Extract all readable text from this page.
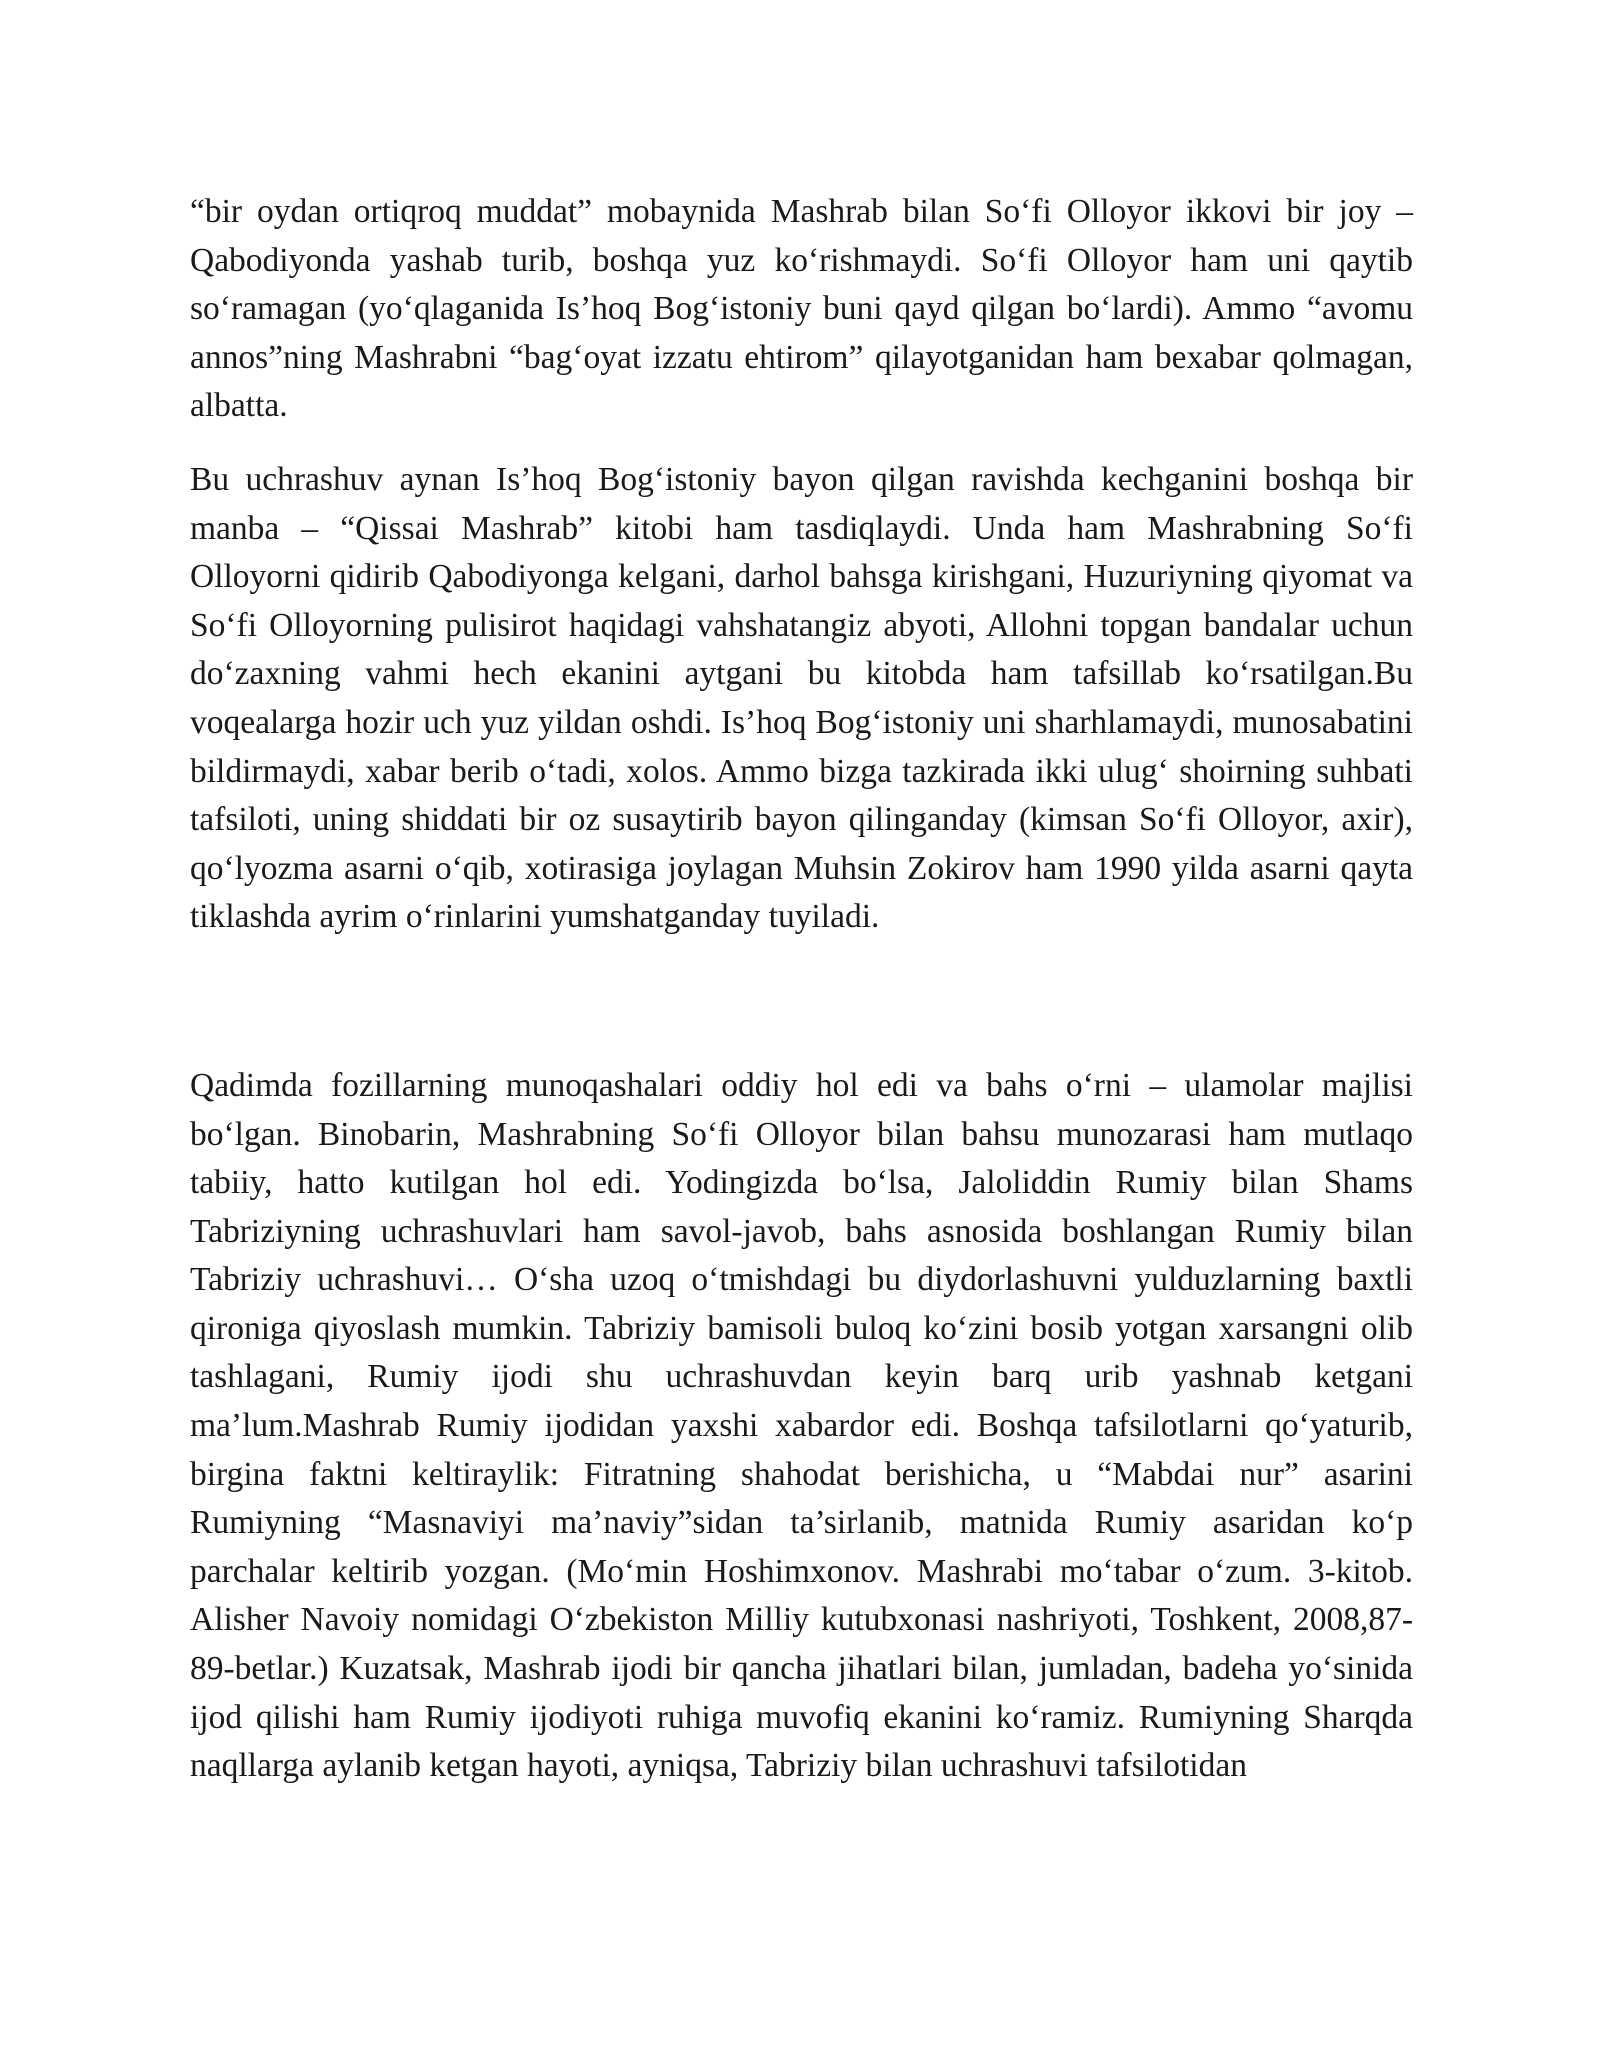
“bir oydan ortiqroq muddat” mobaynida Mashrab bilan So‘fi Olloyor ikkovi bir joy – Qabodiyonda yashab turib, boshqa yuz ko‘rishmaydi. So‘fi Olloyor ham uni qaytib so‘ramagan (yo‘qlaganida Is’hoq Bog‘istoniy buni qayd qilgan bo‘lardi). Ammo “avomu annos”ning Mashrabni “bag‘oyat izzatu ehtirom” qilayotganidan ham bexabar qolmagan, albatta.

Bu uchrashuv aynan Is’hoq Bog‘istoniy bayon qilgan ravishda kechganini boshqa bir manba – “Qissai Mashrab” kitobi ham tasdiqlaydi. Unda ham Mashrabning So‘fi Olloyorni qidirib Qabodiyonga kelgani, darhol bahsga kirishgani, Huzuriyning qiyomat va So‘fi Olloyorning pulisirot haqidagi vahshatangiz abyoti, Allohni topgan bandalar uchun do‘zaxning vahmi hech ekanini aytgani bu kitobda ham tafsillab ko‘rsatilgan.Bu voqealarga hozir uch yuz yildan oshdi. Is’hoq Bog‘istoniy uni sharhlamaydi, munosabatini bildirmaydi, xabar berib o‘tadi, xolos. Ammo bizga tazkirada ikki ulug‘ shoirning suhbati tafsiloti, uning shiddati bir oz susaytirib bayon qilinganday (kimsan So‘fi Olloyor, axir), qo‘lyozma asarni o‘qib, xotirasiga joylagan Muhsin Zokirov ham 1990 yilda asarni qayta tiklashda ayrim o‘rinlarini yumshatganday tuyiladi.

Qadimda fozillarning munoqashalari oddiy hol edi va bahs o‘rni – ulamolar majlisi bo‘lgan. Binobarin, Mashrabning So‘fi Olloyor bilan bahsu munozarasi ham mutlaqo tabiiy, hatto kutilgan hol edi. Yodingizda bo‘lsa, Jaloliddin Rumiy bilan Shams Tabriziyning uchrashuvlari ham savol-javob, bahs asnosida boshlangan Rumiy bilan Tabriziy uchrashuvi… O‘sha uzoq o‘tmishdagi bu diydorlashuvni yulduzlarning baxtli qironiga qiyoslash mumkin. Tabriziy bamisoli buloq ko‘zini bosib yotgan xarsangni olib tashlagani, Rumiy ijodi shu uchrashuvdan keyin barq urib yashnab ketgani ma’lum.Mashrab Rumiy ijodidan yaxshi xabardor edi. Boshqa tafsilotlarni qo‘yaturib, birgina faktni keltiraylik: Fitratning shahodat berishicha, u “Mabdai nur” asarini Rumiyning “Masnaviyi ma’naviy”sidan ta’sirlanib, matnida Rumiy asaridan ko‘p parchalar keltirib yozgan. (Mo‘min Hoshimxonov. Mashrabi mo‘tabar o‘zum. 3-kitob. Alisher Navoiy nomidagi O‘zbekiston Milliy kutubxonasi nashriyoti, Toshkent, 2008,87-89-betlar.) Kuzatsak, Mashrab ijodi bir qancha jihatlari bilan, jumladan, badeha yo‘sinida ijod qilishi ham Rumiy ijodiyoti ruhiga muvofiq ekanini ko‘ramiz. Rumiyning Sharqda naqllarga aylanib ketgan hayoti, ayniqsa, Tabriziy bilan uchrashuvi tafsilotidan
